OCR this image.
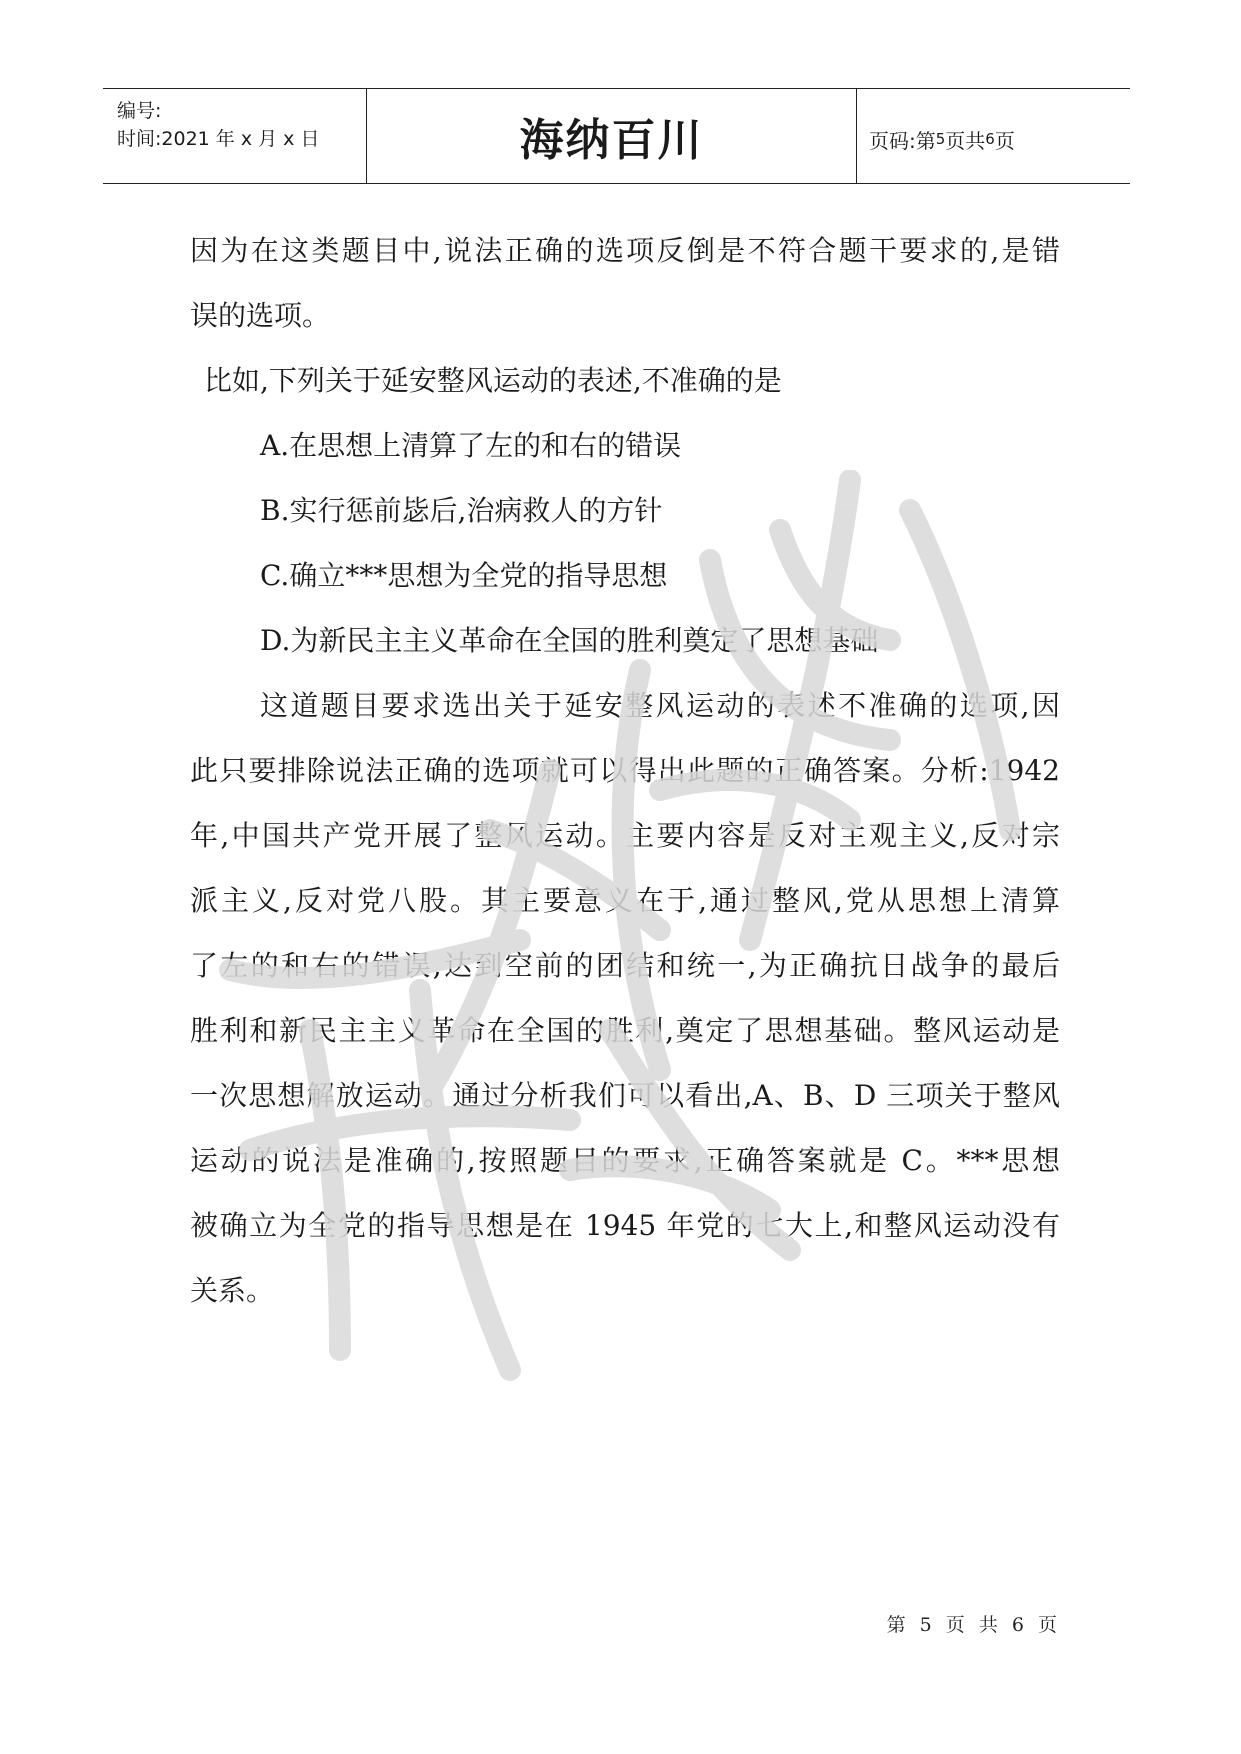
编号:
时间:2021 年 x 月 x 日	海纳百川	页码:第 5 页共 6 页
因为在这类题目中,说法正确的选项反倒是不符合题干要求的,是错
误的选项。
比如,下列关于延安整风运动的表述,不准确的是
A.在思想上清算了左的和右的错误
B.实行惩前毖后,治病救人的方针
C.确立***思想为全党的指导思想
D.为新民主主义革命在全国的胜利奠定了思想基础
这道题目要求选出关于延安整风运动的表述不准确的选项,因
此只要排除说法正确的选项就可以得出此题的正确答案。分析:1942
年,中国共产党开展了整风运动。主要内容是反对主观主义,反对宗
派主义,反对党八股。其主要意义在于,通过整风,党从思想上清算
了左的和右的错误,达到空前的团结和统一,为正确抗日战争的最后
胜利和新民主主义革命在全国的胜利,奠定了思想基础。整风运动是
一次思想解放运动。通过分析我们可以看出,A、B、D 三项关于整风
运动的说法是准确的,按照题目的要求,正确答案就是 C。***思想
被确立为全党的指导思想是在 1945 年党的七大上,和整风运动没有
关系。
第 5 页 共 6 页
